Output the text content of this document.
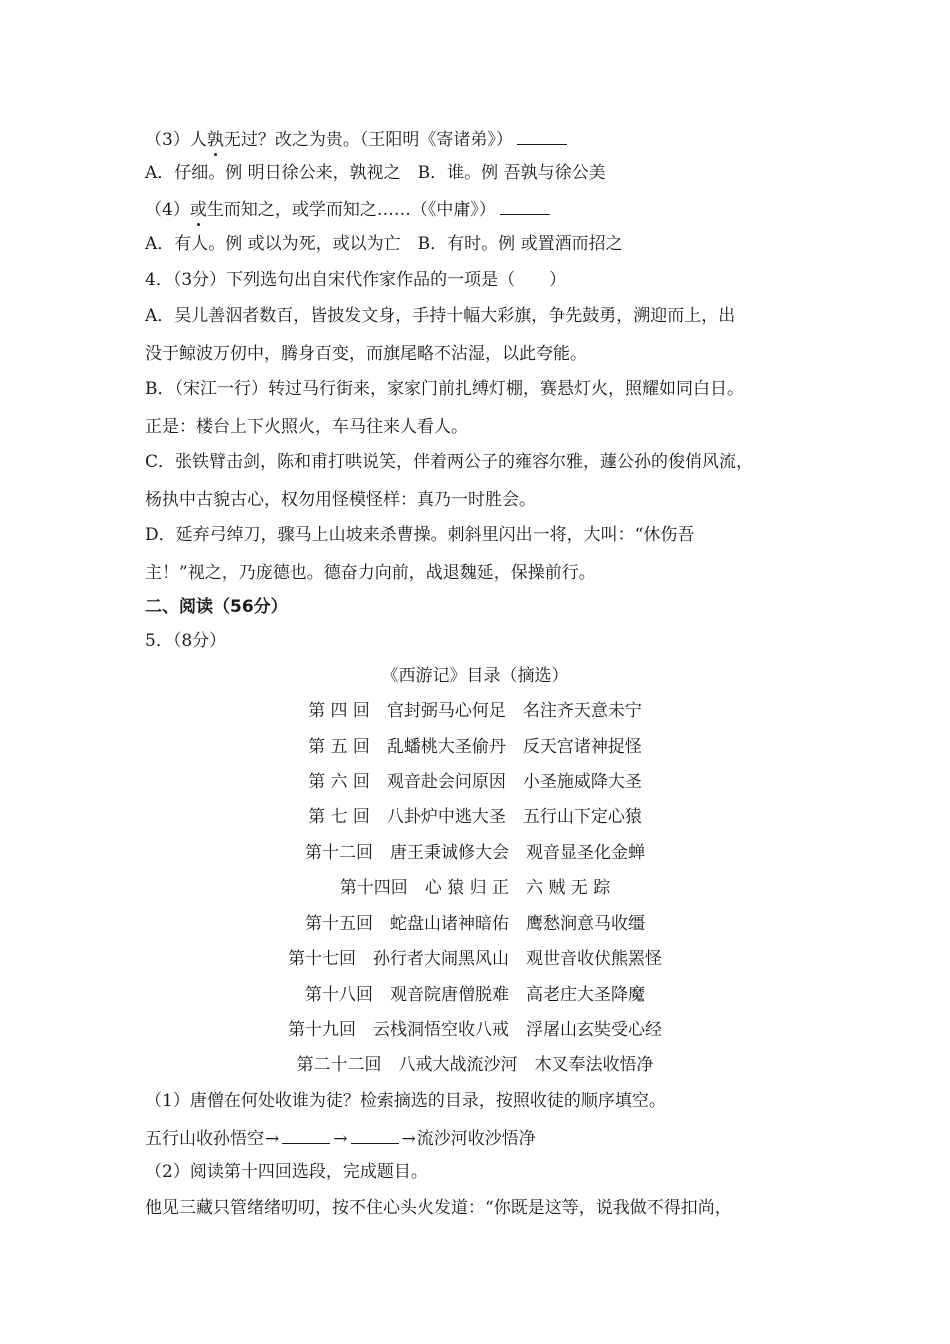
（3）人孰无过？改之为贵。（王阳明《寄诸弟》）
A．仔细。例 明日徐公来，孰视之　B．谁。例 吾孰与徐公美
（4）或生而知之，或学而知之……（《中庸》）
A．有人。例 或以为死，或以为亡　B．有时。例 或置酒而招之
4．（3分）下列选句出自宋代作家作品的一项是（　　）
A．吴儿善泅者数百，皆披发文身，手持十幅大彩旗，争先鼓勇，溯迎而上，出
没于鲸波万仞中，腾身百变，而旗尾略不沾湿，以此夸能。
B．（宋江一行）转过马行街来，家家门前扎缚灯棚，赛悬灯火，照耀如同白日。
正是：楼台上下火照火，车马往来人看人。
C．张铁臂击剑，陈和甫打哄说笑，伴着两公子的雍容尔雅，蘧公孙的俊俏风流，
杨执中古貌古心，权勿用怪模怪样：真乃一时胜会。
D．延弃弓绰刀，骤马上山坡来杀曹操。刺斜里闪出一将，大叫：“休伤吾
主！”视之，乃庞德也。德奋力向前，战退魏延，保操前行。
二、阅读（56分）
5．（8分）
《西游记》目录（摘选）
第 四 回　官封弼马心何足　名注齐天意未宁
第 五 回　乱蟠桃大圣偷丹　反天宫诸神捉怪
第 六 回　观音赴会问原因　小圣施威降大圣
第 七 回　八卦炉中逃大圣　五行山下定心猿
第十二回　唐王秉诚修大会　观音显圣化金蝉
第十四回　心 猿 归 正　六 贼 无 踪
第十五回　蛇盘山诸神暗佑　鹰愁涧意马收缰
第十七回　孙行者大闹黑风山　观世音收伏熊罴怪
第十八回　观音院唐僧脱难　高老庄大圣降魔
第十九回　云栈洞悟空收八戒　浮屠山玄奘受心经
第二十二回　八戒大战流沙河　木叉奉法收悟净
（1）唐僧在何处收谁为徒？检索摘选的目录，按照收徒的顺序填空。
五行山收孙悟空→	→	→流沙河收沙悟净
（2）阅读第十四回选段，完成题目。
他见三藏只管绪绪叨叨，按不住心头火发道：“你既是这等，说我做不得扣尚，
